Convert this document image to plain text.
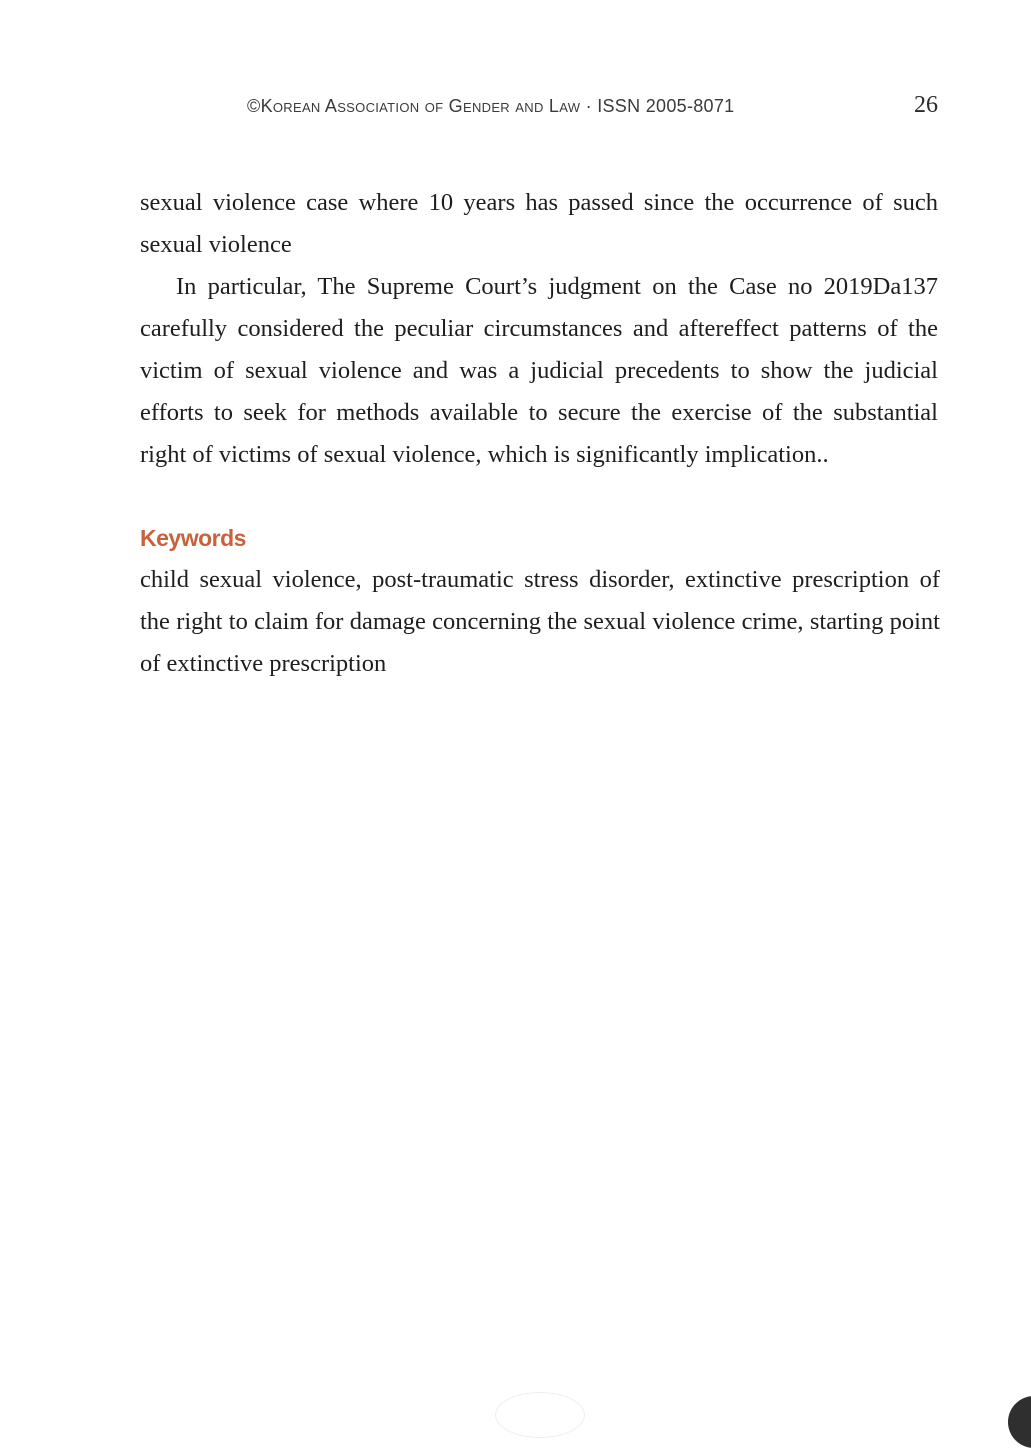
©Korean Association of Gender and Law · ISSN 2005-8071	26

sexual violence case where 10 years has passed since the occurrence of such sexual violence

In particular, The Supreme Court’s judgment on the Case no 2019Da137 carefully considered the peculiar circumstances and aftereffect patterns of the victim of sexual violence and was a judicial precedents to show the judicial efforts to seek for methods available to secure the exercise of the substantial right of victims of sexual violence, which is significantly implication..

Keywords

child sexual violence, post-traumatic stress disorder, extinctive prescription of the right to claim for damage concerning the sexual violence crime, starting point of extinctive prescription
